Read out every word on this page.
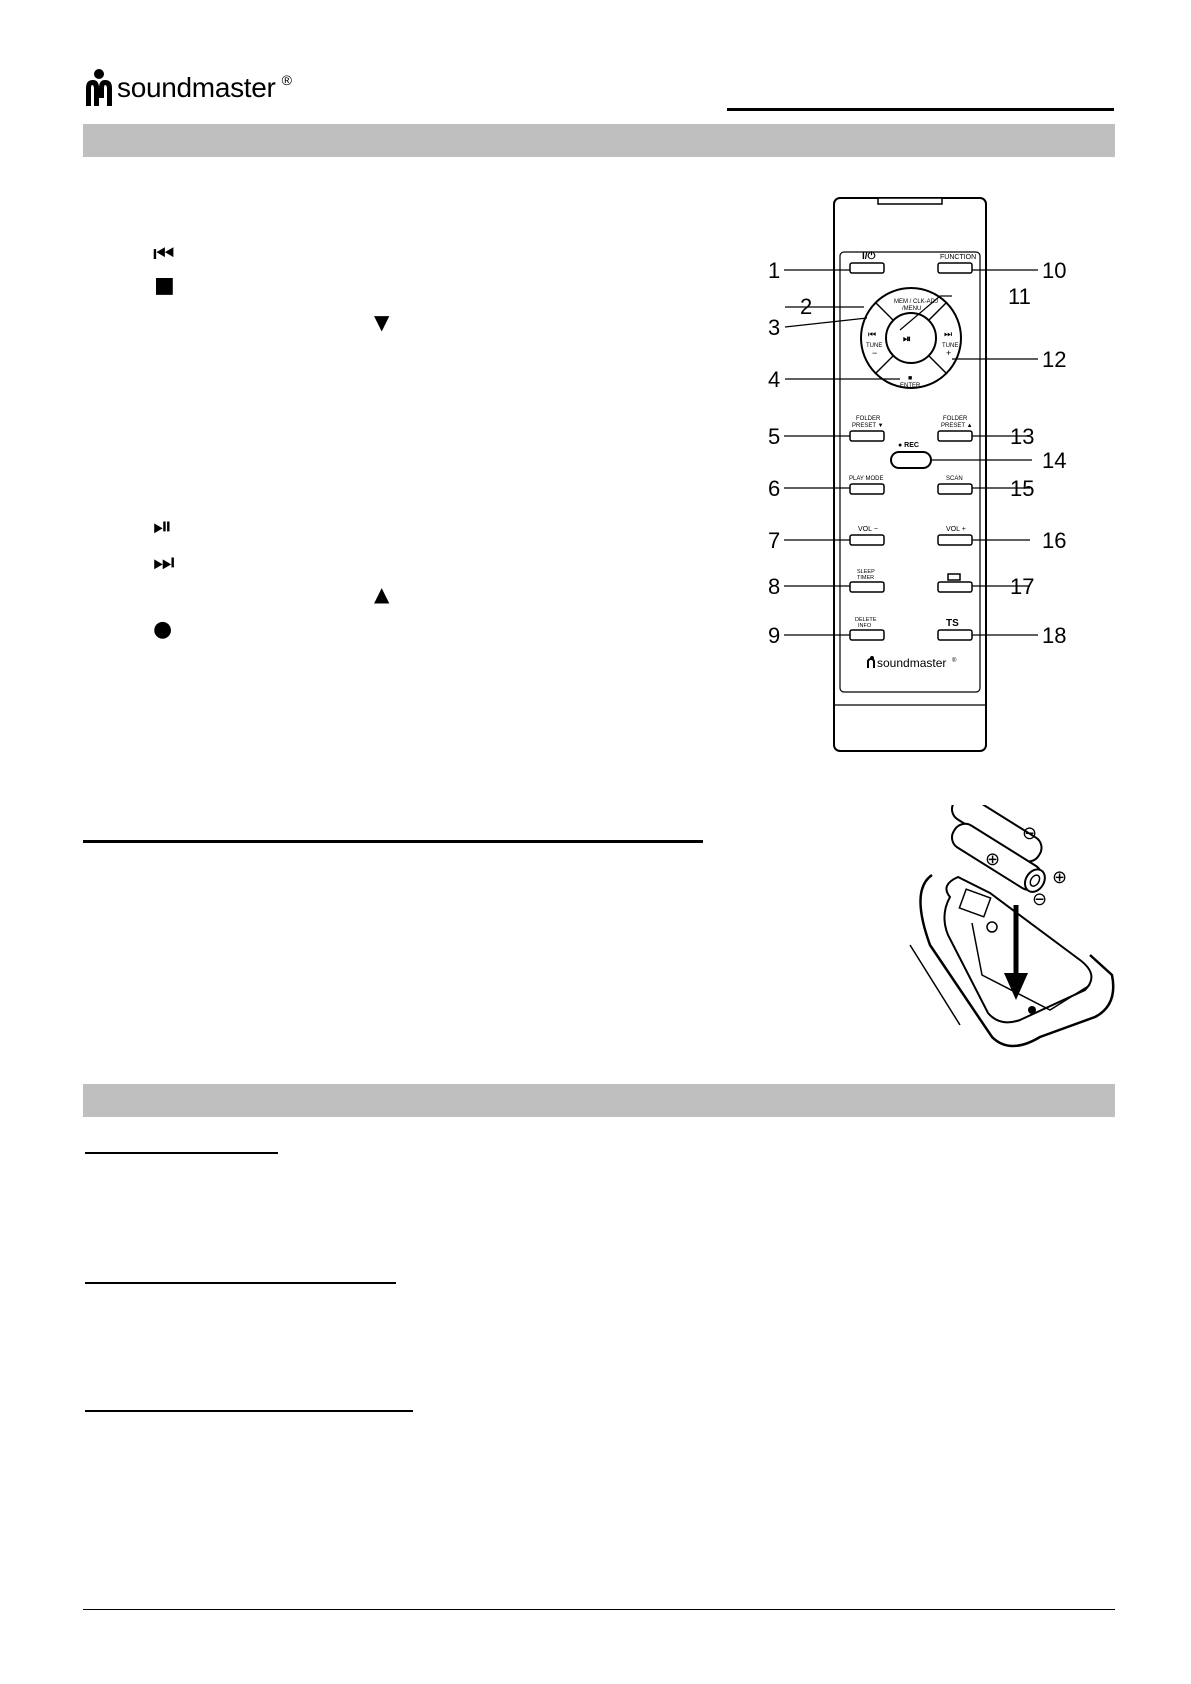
soundmaster ®
⏮
■
▼
⏯
⏭
▲
●
I/⏻	FUNCTION
MEM / CLK-ADJ
/MENU
⏯
⏮
TUNE
−
⏭
TUNE
+
■
ENTER
FOLDER
PRESET ▼
FOLDER
PRESET ▲
● REC
PLAY MODE	SCAN
VOL −	VOL +
SLEEP
TIMER
DELETE
INFO	TS
soundmaster ®
1
2
3
4
5
6
7
8
9
10
11
12
13
14
15
16
17
18
⊕
⊖
⊕
⊖
